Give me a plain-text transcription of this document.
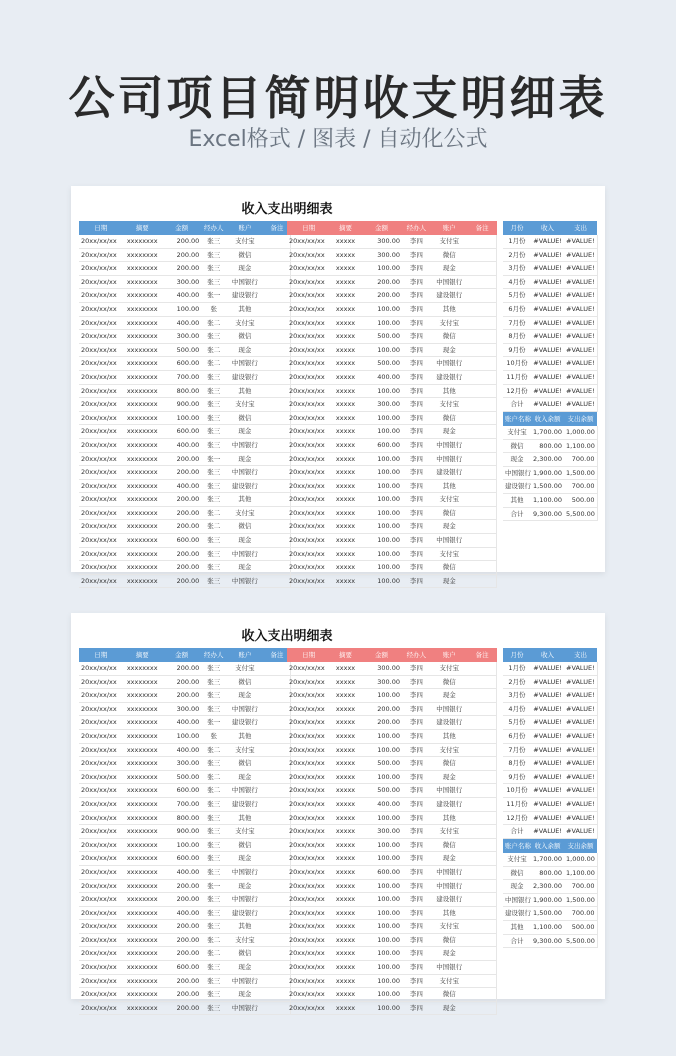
公司项目简明收支明细表
Excel格式 / 图表 / 自动化公式
收入支出明细表
日期	摘要	金额	经办人	账户	备注
20xx/xx/xx	xxxxxxxx	200.00	张三	支付宝	
20xx/xx/xx	xxxxxxxx	200.00	张三	微信	
20xx/xx/xx	xxxxxxxx	200.00	张三	现金	
20xx/xx/xx	xxxxxxxx	300.00	张三	中国银行	
20xx/xx/xx	xxxxxxxx	400.00	张一	建设银行	
20xx/xx/xx	xxxxxxxx	100.00	张	其他	
20xx/xx/xx	xxxxxxxx	400.00	张二	支付宝	
20xx/xx/xx	xxxxxxxx	300.00	张三	微信	
20xx/xx/xx	xxxxxxxx	500.00	张二	现金	
20xx/xx/xx	xxxxxxxx	600.00	张二	中国银行	
20xx/xx/xx	xxxxxxxx	700.00	张三	建设银行	
20xx/xx/xx	xxxxxxxx	800.00	张三	其他	
20xx/xx/xx	xxxxxxxx	900.00	张三	支付宝	
20xx/xx/xx	xxxxxxxx	100.00	张三	微信	
20xx/xx/xx	xxxxxxxx	600.00	张三	现金	
20xx/xx/xx	xxxxxxxx	400.00	张三	中国银行	
20xx/xx/xx	xxxxxxxx	200.00	张一	现金	
20xx/xx/xx	xxxxxxxx	200.00	张三	中国银行	
20xx/xx/xx	xxxxxxxx	400.00	张三	建设银行	
20xx/xx/xx	xxxxxxxx	200.00	张三	其他	
20xx/xx/xx	xxxxxxxx	200.00	张二	支付宝	
20xx/xx/xx	xxxxxxxx	200.00	张二	微信	
20xx/xx/xx	xxxxxxxx	600.00	张三	现金	
20xx/xx/xx	xxxxxxxx	200.00	张三	中国银行	
20xx/xx/xx	xxxxxxxx	200.00	张三	现金	
20xx/xx/xx	xxxxxxxx	200.00	张三	中国银行	
日期	摘要	金额	经办人	账户	备注
20xx/xx/xx	xxxxx	300.00	李四	支付宝	
20xx/xx/xx	xxxxx	300.00	李四	微信	
20xx/xx/xx	xxxxx	100.00	李四	现金	
20xx/xx/xx	xxxxx	200.00	李四	中国银行	
20xx/xx/xx	xxxxx	200.00	李四	建设银行	
20xx/xx/xx	xxxxx	100.00	李四	其他	
20xx/xx/xx	xxxxx	100.00	李四	支付宝	
20xx/xx/xx	xxxxx	500.00	李四	微信	
20xx/xx/xx	xxxxx	100.00	李四	现金	
20xx/xx/xx	xxxxx	500.00	李四	中国银行	
20xx/xx/xx	xxxxx	400.00	李四	建设银行	
20xx/xx/xx	xxxxx	100.00	李四	其他	
20xx/xx/xx	xxxxx	300.00	李四	支付宝	
20xx/xx/xx	xxxxx	100.00	李四	微信	
20xx/xx/xx	xxxxx	100.00	李四	现金	
20xx/xx/xx	xxxxx	600.00	李四	中国银行	
20xx/xx/xx	xxxxx	100.00	李四	中国银行	
20xx/xx/xx	xxxxx	100.00	李四	建设银行	
20xx/xx/xx	xxxxx	100.00	李四	其他	
20xx/xx/xx	xxxxx	100.00	李四	支付宝	
20xx/xx/xx	xxxxx	100.00	李四	微信	
20xx/xx/xx	xxxxx	100.00	李四	现金	
20xx/xx/xx	xxxxx	100.00	李四	中国银行	
20xx/xx/xx	xxxxx	100.00	李四	支付宝	
20xx/xx/xx	xxxxx	100.00	李四	微信	
20xx/xx/xx	xxxxx	100.00	李四	现金	
月份	收入	支出
1月份	#VALUE!	#VALUE!
2月份	#VALUE!	#VALUE!
3月份	#VALUE!	#VALUE!
4月份	#VALUE!	#VALUE!
5月份	#VALUE!	#VALUE!
6月份	#VALUE!	#VALUE!
7月份	#VALUE!	#VALUE!
8月份	#VALUE!	#VALUE!
9月份	#VALUE!	#VALUE!
10月份	#VALUE!	#VALUE!
11月份	#VALUE!	#VALUE!
12月份	#VALUE!	#VALUE!
合计	#VALUE!	#VALUE!
账户名称	收入余额	支出余额
支付宝	1,700.00	1,000.00
微信	800.00	1,100.00
现金	2,300.00	700.00
中国银行	1,900.00	1,500.00
建设银行	1,500.00	700.00
其他	1,100.00	500.00
合计	9,300.00	5,500.00
收入支出明细表
日期	摘要	金额	经办人	账户	备注
20xx/xx/xx	xxxxxxxx	200.00	张三	支付宝	
20xx/xx/xx	xxxxxxxx	200.00	张三	微信	
20xx/xx/xx	xxxxxxxx	200.00	张三	现金	
20xx/xx/xx	xxxxxxxx	300.00	张三	中国银行	
20xx/xx/xx	xxxxxxxx	400.00	张一	建设银行	
20xx/xx/xx	xxxxxxxx	100.00	张	其他	
20xx/xx/xx	xxxxxxxx	400.00	张二	支付宝	
20xx/xx/xx	xxxxxxxx	300.00	张三	微信	
20xx/xx/xx	xxxxxxxx	500.00	张二	现金	
20xx/xx/xx	xxxxxxxx	600.00	张二	中国银行	
20xx/xx/xx	xxxxxxxx	700.00	张三	建设银行	
20xx/xx/xx	xxxxxxxx	800.00	张三	其他	
20xx/xx/xx	xxxxxxxx	900.00	张三	支付宝	
20xx/xx/xx	xxxxxxxx	100.00	张三	微信	
20xx/xx/xx	xxxxxxxx	600.00	张三	现金	
20xx/xx/xx	xxxxxxxx	400.00	张三	中国银行	
20xx/xx/xx	xxxxxxxx	200.00	张一	现金	
20xx/xx/xx	xxxxxxxx	200.00	张三	中国银行	
20xx/xx/xx	xxxxxxxx	400.00	张三	建设银行	
20xx/xx/xx	xxxxxxxx	200.00	张三	其他	
20xx/xx/xx	xxxxxxxx	200.00	张二	支付宝	
20xx/xx/xx	xxxxxxxx	200.00	张二	微信	
20xx/xx/xx	xxxxxxxx	600.00	张三	现金	
20xx/xx/xx	xxxxxxxx	200.00	张三	中国银行	
20xx/xx/xx	xxxxxxxx	200.00	张三	现金	
20xx/xx/xx	xxxxxxxx	200.00	张三	中国银行	
日期	摘要	金额	经办人	账户	备注
20xx/xx/xx	xxxxx	300.00	李四	支付宝	
20xx/xx/xx	xxxxx	300.00	李四	微信	
20xx/xx/xx	xxxxx	100.00	李四	现金	
20xx/xx/xx	xxxxx	200.00	李四	中国银行	
20xx/xx/xx	xxxxx	200.00	李四	建设银行	
20xx/xx/xx	xxxxx	100.00	李四	其他	
20xx/xx/xx	xxxxx	100.00	李四	支付宝	
20xx/xx/xx	xxxxx	500.00	李四	微信	
20xx/xx/xx	xxxxx	100.00	李四	现金	
20xx/xx/xx	xxxxx	500.00	李四	中国银行	
20xx/xx/xx	xxxxx	400.00	李四	建设银行	
20xx/xx/xx	xxxxx	100.00	李四	其他	
20xx/xx/xx	xxxxx	300.00	李四	支付宝	
20xx/xx/xx	xxxxx	100.00	李四	微信	
20xx/xx/xx	xxxxx	100.00	李四	现金	
20xx/xx/xx	xxxxx	600.00	李四	中国银行	
20xx/xx/xx	xxxxx	100.00	李四	中国银行	
20xx/xx/xx	xxxxx	100.00	李四	建设银行	
20xx/xx/xx	xxxxx	100.00	李四	其他	
20xx/xx/xx	xxxxx	100.00	李四	支付宝	
20xx/xx/xx	xxxxx	100.00	李四	微信	
20xx/xx/xx	xxxxx	100.00	李四	现金	
20xx/xx/xx	xxxxx	100.00	李四	中国银行	
20xx/xx/xx	xxxxx	100.00	李四	支付宝	
20xx/xx/xx	xxxxx	100.00	李四	微信	
20xx/xx/xx	xxxxx	100.00	李四	现金	
月份	收入	支出
1月份	#VALUE!	#VALUE!
2月份	#VALUE!	#VALUE!
3月份	#VALUE!	#VALUE!
4月份	#VALUE!	#VALUE!
5月份	#VALUE!	#VALUE!
6月份	#VALUE!	#VALUE!
7月份	#VALUE!	#VALUE!
8月份	#VALUE!	#VALUE!
9月份	#VALUE!	#VALUE!
10月份	#VALUE!	#VALUE!
11月份	#VALUE!	#VALUE!
12月份	#VALUE!	#VALUE!
合计	#VALUE!	#VALUE!
账户名称	收入余额	支出余额
支付宝	1,700.00	1,000.00
微信	800.00	1,100.00
现金	2,300.00	700.00
中国银行	1,900.00	1,500.00
建设银行	1,500.00	700.00
其他	1,100.00	500.00
合计	9,300.00	5,500.00
